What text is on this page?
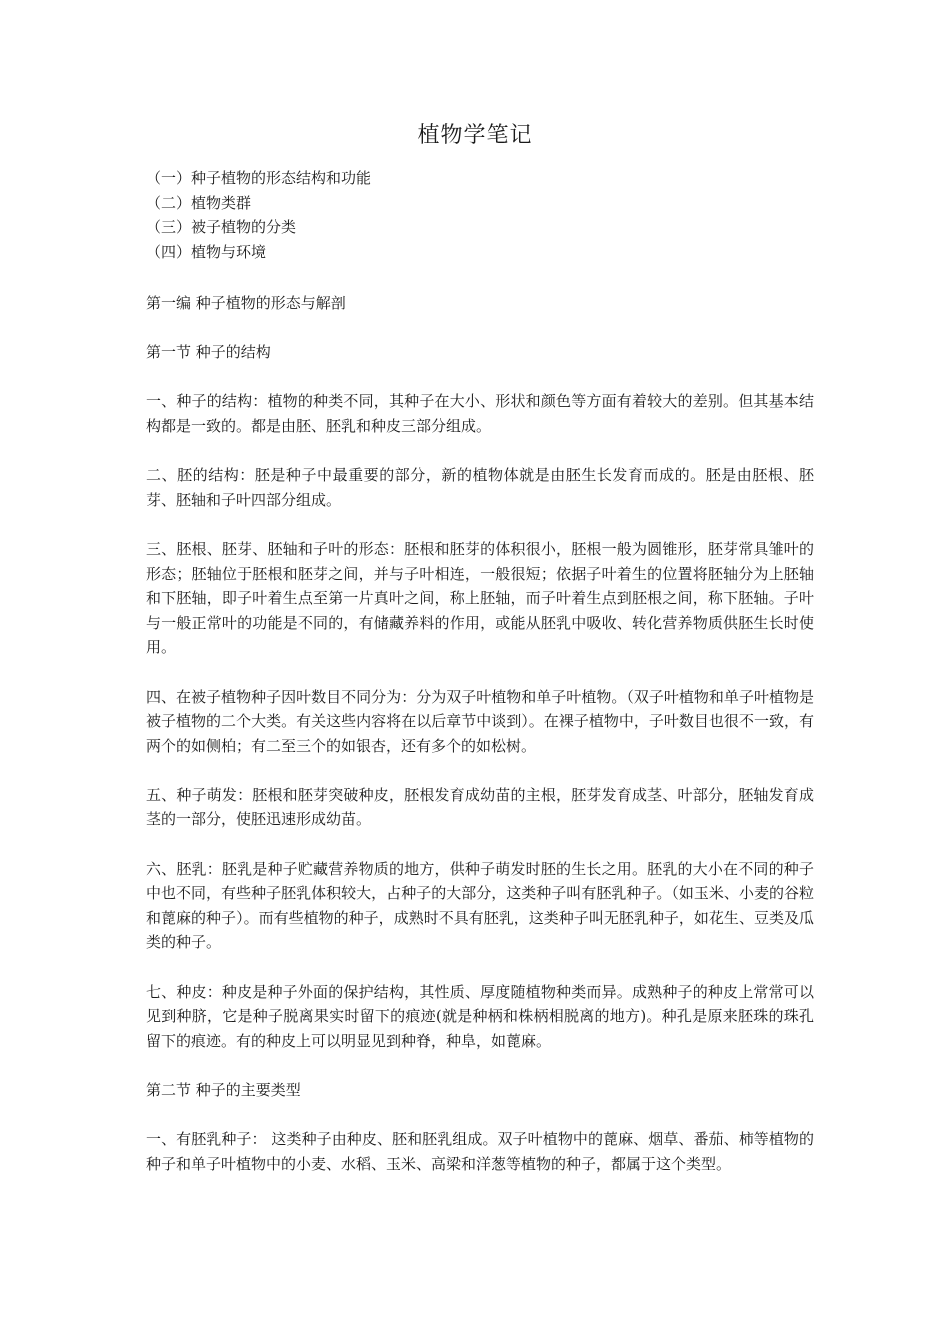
植物学笔记
（一）种子植物的形态结构和功能
（二）植物类群
（三）被子植物的分类
（四）植物与环境

第一编 种子植物的形态与解剖

第一节 种子的结构

一、种子的结构：植物的种类不同，其种子在大小、形状和颜色等方面有着较大的差别。但其基本结构都是一致的。都是由胚、胚乳和种皮三部分组成。

二、胚的结构：胚是种子中最重要的部分，新的植物体就是由胚生长发育而成的。胚是由胚根、胚芽、胚轴和子叶四部分组成。

三、胚根、胚芽、胚轴和子叶的形态：胚根和胚芽的体积很小，胚根一般为圆锥形，胚芽常具雏叶的形态；胚轴位于胚根和胚芽之间，并与子叶相连，一般很短；依据子叶着生的位置将胚轴分为上胚轴和下胚轴，即子叶着生点至第一片真叶之间，称上胚轴，而子叶着生点到胚根之间，称下胚轴。子叶与一般正常叶的功能是不同的，有储藏养料的作用，或能从胚乳中吸收、转化营养物质供胚生长时使用。

四、在被子植物种子因叶数目不同分为：分为双子叶植物和单子叶植物。（双子叶植物和单子叶植物是被子植物的二个大类。有关这些内容将在以后章节中谈到）。在裸子植物中，子叶数目也很不一致，有两个的如侧柏；有二至三个的如银杏，还有多个的如松树。

五、种子萌发：胚根和胚芽突破种皮，胚根发育成幼苗的主根，胚芽发育成茎、叶部分，胚轴发育成茎的一部分，使胚迅速形成幼苗。

六、胚乳：胚乳是种子贮藏营养物质的地方，供种子萌发时胚的生长之用。胚乳的大小在不同的种子中也不同，有些种子胚乳体积较大，占种子的大部分，这类种子叫有胚乳种子。（如玉米、小麦的谷粒和蓖麻的种子）。而有些植物的种子，成熟时不具有胚乳，这类种子叫无胚乳种子，如花生、豆类及瓜类的种子。

七、种皮：种皮是种子外面的保护结构，其性质、厚度随植物种类而异。成熟种子的种皮上常常可以见到种脐，它是种子脱离果实时留下的痕迹(就是种柄和株柄相脱离的地方)。种孔是原来胚珠的珠孔留下的痕迹。有的种皮上可以明显见到种脊，种阜，如蓖麻。

第二节 种子的主要类型

一、有胚乳种子： 这类种子由种皮、胚和胚乳组成。双子叶植物中的蓖麻、烟草、番茄、柿等植物的种子和单子叶植物中的小麦、水稻、玉米、高梁和洋葱等植物的种子，都属于这个类型。
